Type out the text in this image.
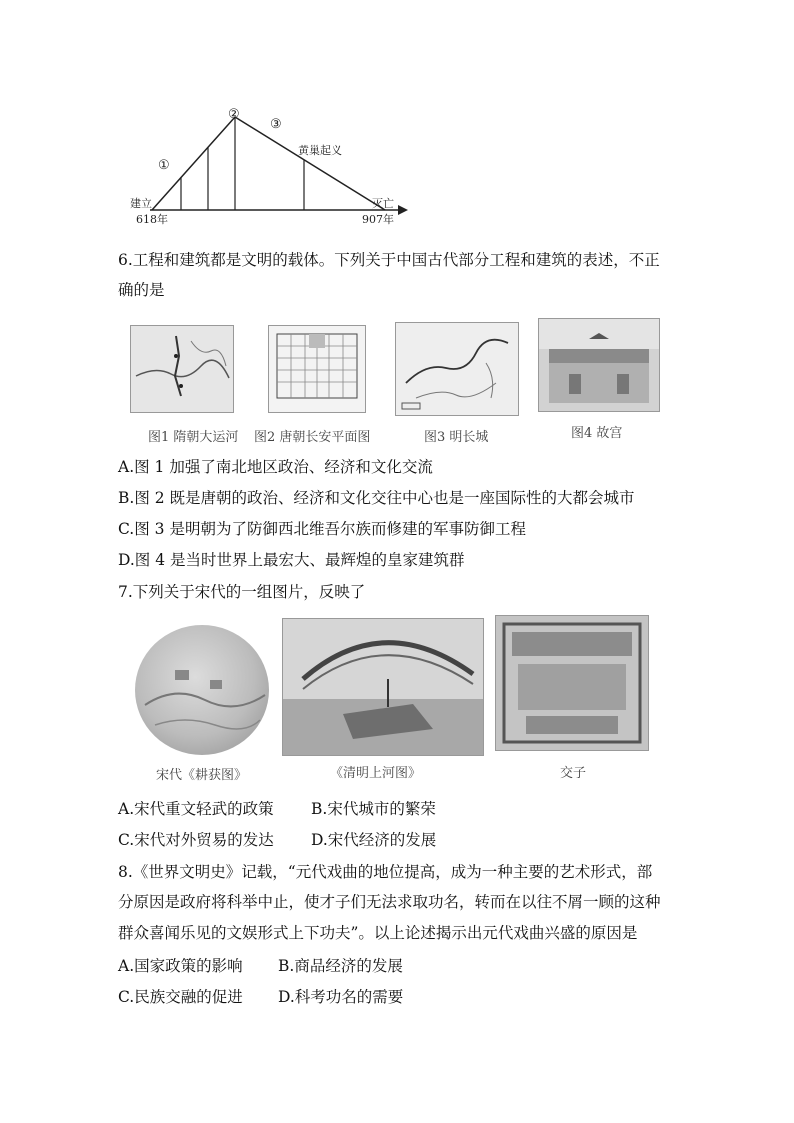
①
②
③
黄巢起义
建立
618年
灭亡
907年
6.工程和建筑都是文明的载体。下列关于中国古代部分工程和建筑的表述，不正
确的是
图1 隋朝大运河 图2 唐朝长安平面图	图3 明长城	图4 故宫
A.图 1 加强了南北地区政治、经济和文化交流
B.图 2 既是唐朝的政治、经济和文化交往中心也是一座国际性的大都会城市
C.图 3 是明朝为了防御西北维吾尔族而修建的军事防御工程
D.图 4 是当时世界上最宏大、最辉煌的皇家建筑群
7.下列关于宋代的一组图片，反映了
宋代《耕获图》	《清明上河图》	交子
A.宋代重文轻武的政策 B.宋代城市的繁荣
C.宋代对外贸易的发达 D.宋代经济的发展
8.《世界文明史》记载，“元代戏曲的地位提高，成为一种主要的艺术形式，部
分原因是政府将科举中止，使才子们无法求取功名，转而在以往不屑一顾的这种
群众喜闻乐见的文娱形式上下功夫”。以上论述揭示出元代戏曲兴盛的原因是
A.国家政策的影响 B.商品经济的发展
C.民族交融的促进 D.科考功名的需要
